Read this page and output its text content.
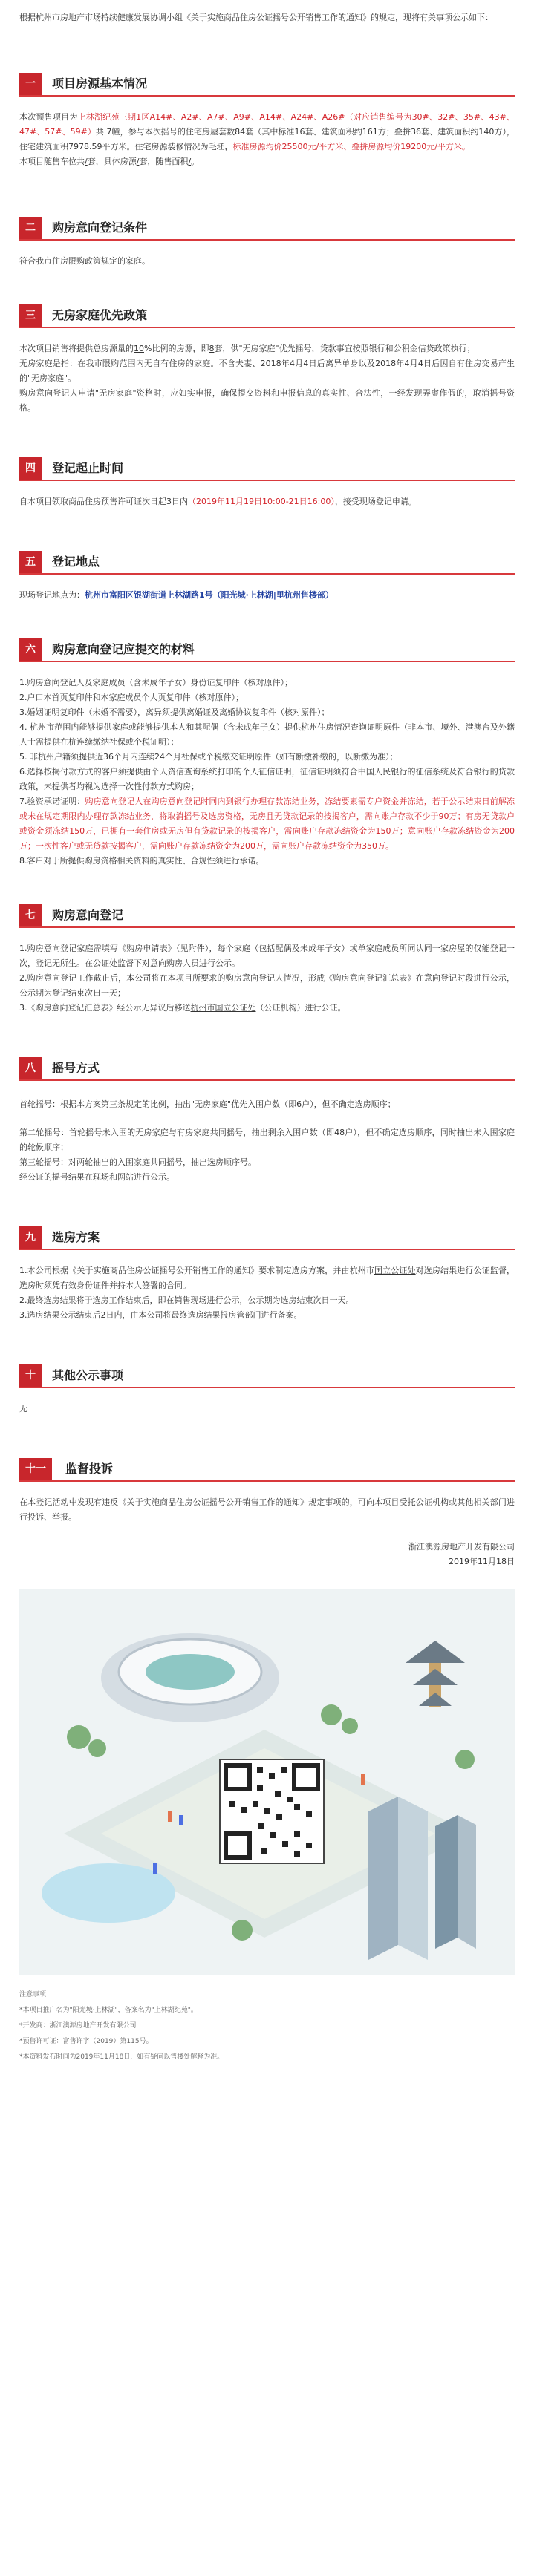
根据杭州市房地产市场持续健康发展协调小组《关于实施商品住房公证摇号公开销售工作的通知》的规定，现将有关事项公示如下：

一	项目房源基本情况

本次预售项目为上林湖纪苑三期1区A14#、A2#、A7#、A9#、A14#、A24#、A26#（对应销售编号为30#、32#、35#、43#、47#、57#、59#）共 7幢，参与本次摇号的住宅房屋套数84套（其中标准16套、建筑面积约161方；叠拼36套、建筑面积约140方），住宅建筑面积7978.59平方米。住宅房源装修情况为毛坯，标准房源均价25500元/平方米、叠拼房源均价19200元/平方米。

本项目随售车位共/套，具体房源/套，随售面积/。

二	购房意向登记条件

符合我市住房限购政策规定的家庭。

三	无房家庭优先政策

本次项目销售将提供总房源量的10%比例的房源，即8套，供"无房家庭"优先摇号，贷款事宜按照银行和公积金信贷政策执行；

无房家庭是指：在我市限购范围内无自有住房的家庭。不含夫妻、2018年4月4日后离异单身以及2018年4月4日后因自有住房交易产生的"无房家庭"。

购房意向登记人申请"无房家庭"资格时，应如实申报，确保提交资料和申报信息的真实性、合法性，一经发现弄虚作假的，取消摇号资格。

四	登记起止时间

自本项目领取商品住房预售许可证次日起3日内（2019年11月19日10:00-21日16:00），接受现场登记申请。

五	登记地点

现场登记地点为：杭州市富阳区银湖街道上林湖路1号（阳光城·上林湖|里杭州售楼部）

六	购房意向登记应提交的材料

1.购房意向登记人及家庭成员（含未成年子女）身份证复印件（核对原件）；

2.户口本首页复印件和本家庭成员个人页复印件（核对原件）；

3.婚姻证明复印件（未婚不需要），离异须提供离婚证及离婚协议复印件（核对原件）；

4. 杭州市范围内能够提供家庭或能够提供本人和其配偶（含未成年子女）提供杭州住房情况查询证明原件（非本市、境外、港澳台及外籍人士需提供在杭连续缴纳社保或个税证明）；

5. 非杭州户籍须提供近36个月内连续24个月社保或个税缴交证明原件（如有断缴补缴的，以断缴为准）；

6.选择按揭付款方式的客户须提供由个人资信查询系统打印的个人征信证明，征信证明须符合中国人民银行的征信系统及符合银行的贷款政策，未提供者均视为选择一次性付款方式购房；

7.验资承诺证明：购房意向登记人在购房意向登记时同内到银行办理存款冻结业务，冻结要素需专户资金并冻结，若于公示结束日前解冻或未在规定期限内办理存款冻结业务，将取消摇号及选房资格，无房且无贷款记录的按揭客户，需向账户存款不少于90万；有房无贷款户或资金须冻结150万，已拥有一套住房或无房但有贷款记录的按揭客户，需向账户存款冻结资金为150万；意向账户存款冻结资金为200万；一次性客户或无贷款按揭客户，需向账户存款冻结资金为200万，需向账户存款冻结资金为350万。

8.客户对于所提供购房资格相关资料的真实性、合规性须进行承诺。

七	购房意向登记

1.购房意向登记家庭需填写《购房申请表》（见附件），每个家庭（包括配偶及未成年子女）或单家庭成员所同认同一家房屋的仅能登记一次，登记无所生。在公证处监督下对意向购房人员进行公示。

2.购房意向登记工作截止后，本公司将在本项目所要求的购房意向登记人情况，形成《购房意向登记汇总表》在意向登记时段进行公示，公示期为登记结束次日一天；

3.《购房意向登记汇总表》经公示无异议后移送杭州市国立公证处（公证机构）进行公证。

八	摇号方式

首轮摇号：根据本方案第三条规定的比例，抽出"无房家庭"优先入围户数（即6户），但不确定选房顺序；

第二轮摇号：首轮摇号未入围的无房家庭与有房家庭共同摇号，抽出剩余入围户数（即48户），但不确定选房顺序，同时抽出未入围家庭的轮候顺序；

第三轮摇号：对两轮抽出的入围家庭共同摇号，抽出选房顺序号。

经公证的摇号结果在现场和网站进行公示。

九	选房方案

1.本公司根据《关于实施商品住房公证摇号公开销售工作的通知》要求制定选房方案，并由杭州市国立公证处对选房结果进行公证监督，选房时须凭有效身份证件并持本人签署的合同。

2.最终选房结果将于选房工作结束后，即在销售现场进行公示，公示期为选房结束次日一天。

3.选房结果公示结束后2日内，由本公司将最终选房结果报房管部门进行备案。

十	其他公示事项

无

十一	监督投诉

在本登记活动中发现有违反《关于实施商品住房公证摇号公开销售工作的通知》规定事项的，可向本项目受托公证机构或其他相关部门进行投诉、举报。

浙江澳源房地产开发有限公司

2019年11月18日

注意事项
*本项目推广名为"阳光城·上林湖"，备案名为"上林湖纪苑"。
*开发商：浙江澳源房地产开发有限公司
*预售许可证：富售许字（2019）第115号。
*本资料发布时间为2019年11月18日，如有疑问以售楼处解释为准。
